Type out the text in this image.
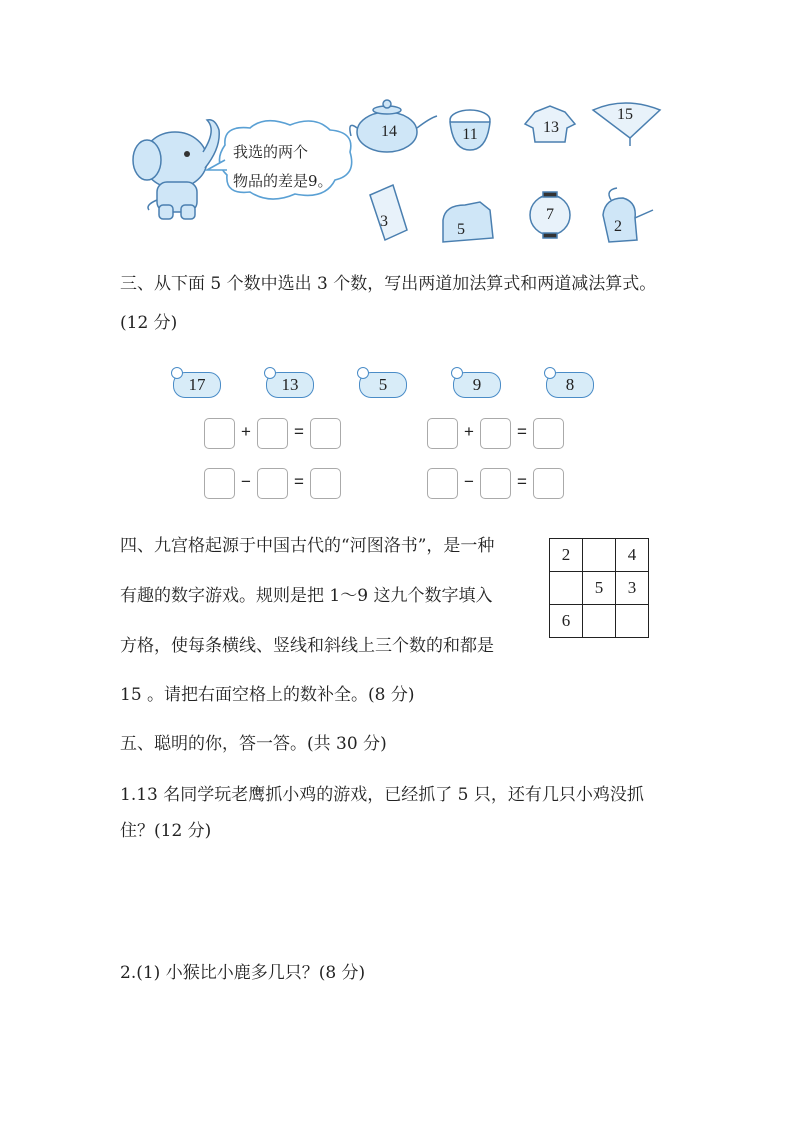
我选的两个
物品的差是9。
14	11	13
15
3	5
7
2
三、从下面 5 个数中选出 3 个数，写出两道加法算式和两道减法算式。
(12 分)
17	13	5	9	8
+	=
−	=
+	=
−	=
四、九宫格起源于中国古代的“河图洛书”，是一种
有趣的数字游戏。规则是把 1～9 这九个数字填入
方格，使每条横线、竖线和斜线上三个数的和都是
15 。请把右面空格上的数补全。(8 分)
2		4
	5	3
6		
五、聪明的你，答一答。(共 30 分)
1.13 名同学玩老鹰抓小鸡的游戏，已经抓了 5 只，还有几只小鸡没抓
住？(12 分)
2.(1) 小猴比小鹿多几只？(8 分)
